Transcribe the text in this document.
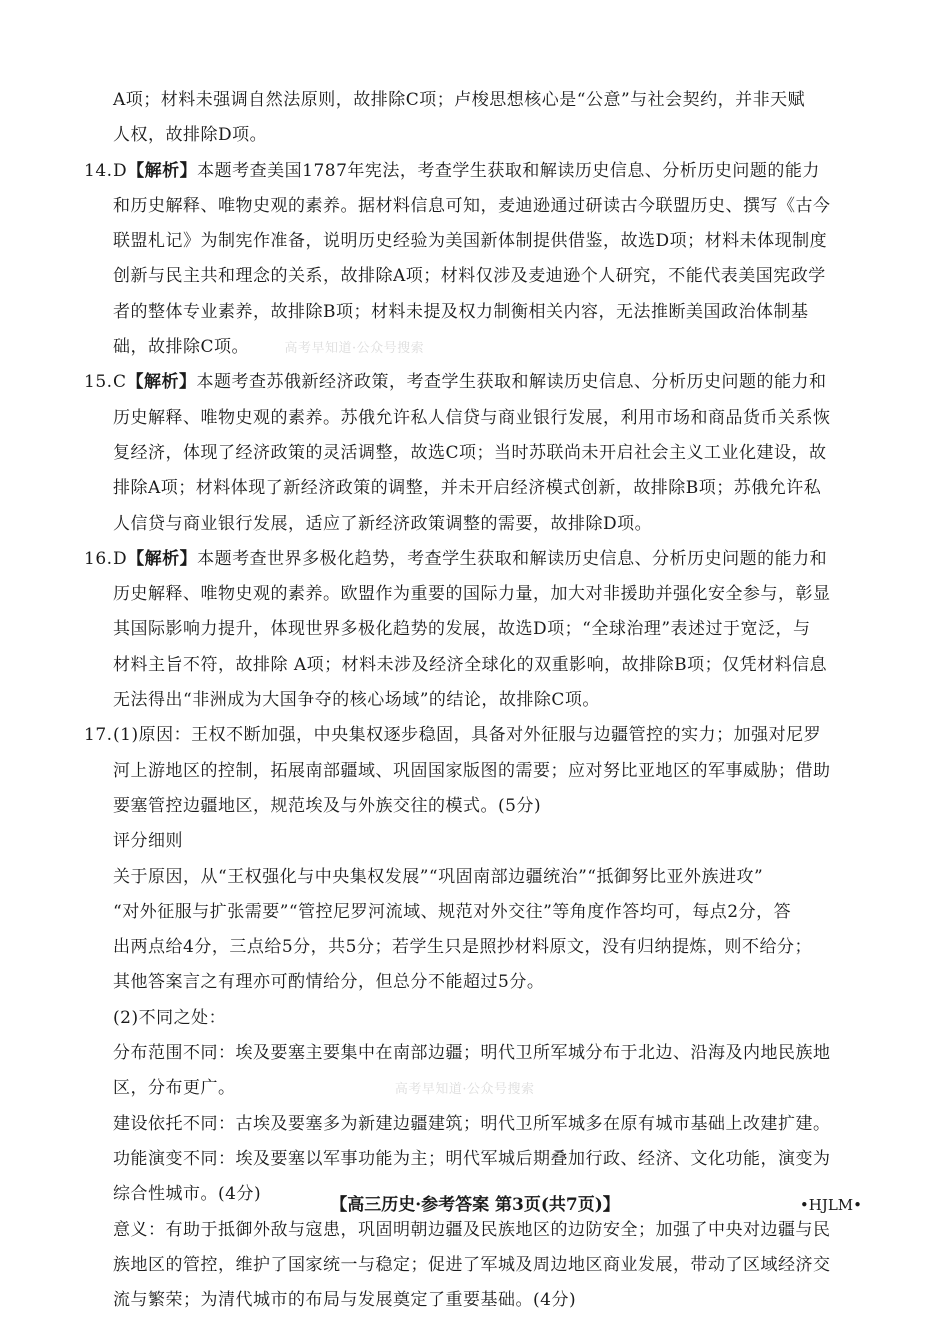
A项；材料未强调自然法原则，故排除C项；卢梭思想核心是“公意”与社会契约，并非天赋
人权，故排除D项。
14.D【解析】本题考查美国1787年宪法，考查学生获取和解读历史信息、分析历史问题的能力
和历史解释、唯物史观的素养。据材料信息可知，麦迪逊通过研读古今联盟历史、撰写《古今
联盟札记》为制宪作准备，说明历史经验为美国新体制提供借鉴，故选D项；材料未体现制度
创新与民主共和理念的关系，故排除A项；材料仅涉及麦迪逊个人研究，不能代表美国宪政学
者的整体专业素养，故排除B项；材料未提及权力制衡相关内容，无法推断美国政治体制基
础，故排除C项。	高考早知道·公众号搜索
15.C【解析】本题考查苏俄新经济政策，考查学生获取和解读历史信息、分析历史问题的能力和
历史解释、唯物史观的素养。苏俄允许私人信贷与商业银行发展，利用市场和商品货币关系恢
复经济，体现了经济政策的灵活调整，故选C项；当时苏联尚未开启社会主义工业化建设，故
排除A项；材料体现了新经济政策的调整，并未开启经济模式创新，故排除B项；苏俄允许私
人信贷与商业银行发展，适应了新经济政策调整的需要，故排除D项。
16.D【解析】本题考查世界多极化趋势，考查学生获取和解读历史信息、分析历史问题的能力和
历史解释、唯物史观的素养。欧盟作为重要的国际力量，加大对非援助并强化安全参与，彰显
其国际影响力提升，体现世界多极化趋势的发展，故选D项；“全球治理”表述过于宽泛，与
材料主旨不符，故排除 A项；材料未涉及经济全球化的双重影响，故排除B项；仅凭材料信息
无法得出“非洲成为大国争夺的核心场域”的结论，故排除C项。
17.(1)原因：王权不断加强，中央集权逐步稳固，具备对外征服与边疆管控的实力；加强对尼罗
河上游地区的控制，拓展南部疆域、巩固国家版图的需要；应对努比亚地区的军事威胁；借助
要塞管控边疆地区，规范埃及与外族交往的模式。(5分)
评分细则
关于原因，从“王权强化与中央集权发展”“巩固南部边疆统治”“抵御努比亚外族进攻”
“对外征服与扩张需要”“管控尼罗河流域、规范对外交往”等角度作答均可，每点2分，答
出两点给4分，三点给5分，共5分；若学生只是照抄材料原文，没有归纳提炼，则不给分；
其他答案言之有理亦可酌情给分，但总分不能超过5分。
(2)不同之处：
分布范围不同：埃及要塞主要集中在南部边疆；明代卫所军城分布于北边、沿海及内地民族地
区，分布更广。	高考早知道·公众号搜索
建设依托不同：古埃及要塞多为新建边疆建筑；明代卫所军城多在原有城市基础上改建扩建。
功能演变不同：埃及要塞以军事功能为主；明代军城后期叠加行政、经济、文化功能，演变为
综合性城市。(4分)
意义：有助于抵御外敌与寇患，巩固明朝边疆及民族地区的边防安全；加强了中央对边疆与民
族地区的管控，维护了国家统一与稳定；促进了军城及周边地区商业发展，带动了区域经济交
流与繁荣；为清代城市的布局与发展奠定了重要基础。(4分)
【高三历史·参考答案 第3页(共7页)】	•HJLM•
